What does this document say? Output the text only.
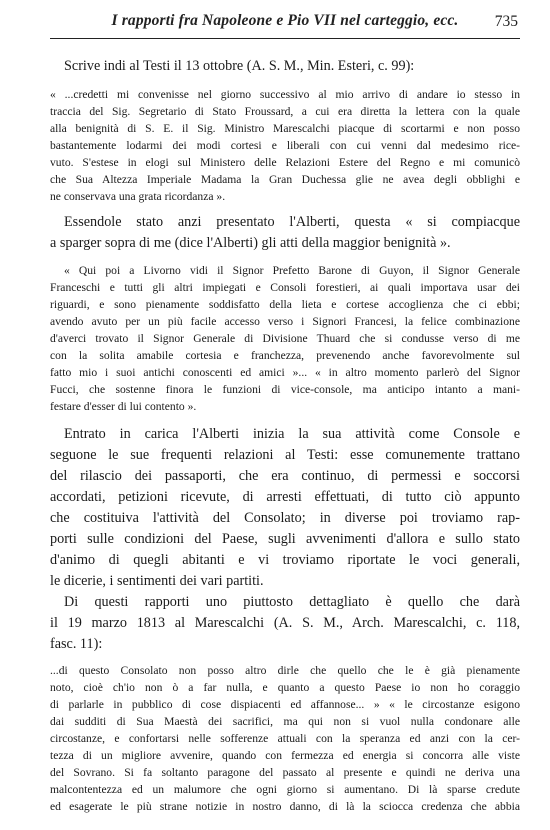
I rapporti fra Napoleone e Pio VII nel carteggio, ecc. 735
Scrive indi al Testi il 13 ottobre (A. S. M., Min. Esteri, c. 99):
« ...credetti mi convenisse nel giorno successivo al mio arrivo di andare io stesso in
traccia del Sig. Segretario di Stato Froussard, a cui era diretta la lettera con la quale
alla benignità di S. E. il Sig. Ministro Marescalchi piacque di scortarmi e non posso
bastantemente lodarmi dei modi cortesi e liberali con cui venni dal medesimo rice-
vuto. S'estese in elogi sul Ministero delle Relazioni Estere del Regno e mi comunicò
che Sua Altezza Imperiale Madama la Gran Duchessa glie ne avea degli obblighi e
ne conservava una grata ricordanza ».
Essendole stato anzi presentato l'Alberti, questa « si compiacque
a sparger sopra di me (dice l'Alberti) gli atti della maggior benignità ».
« Qui poi a Livorno vidi il Signor Prefetto Barone di Guyon, il Signor Generale
Franceschi e tutti gli altri impiegati e Consoli forestieri, ai quali importava usar dei
riguardi, e sono pienamente soddisfatto della lieta e cortese accoglienza che ci ebbi;
avendo avuto per un più facile accesso verso i Signori Francesi, la felice combinazione
d'averci trovato il Signor Generale di Divisione Thuard che si condusse verso di me
con la solita amabile cortesia e franchezza, prevenendo anche favorevolmente sul
fatto mio i suoi antichi conoscenti ed amici »... « in altro momento parlerò del Signor
Fucci, che sostenne finora le funzioni di vice-console, ma anticipo intanto a mani-
festare d'esser di lui contento ».
Entrato in carica l'Alberti inizia la sua attività come Console e
seguone le sue frequenti relazioni al Testi: esse comunemente trattano
del rilascio dei passaporti, che era continuo, di permessi e soccorsi
accordati, petizioni ricevute, di arresti effettuati, di tutto ciò appunto
che costituiva l'attività del Consolato; in diverse poi troviamo rap-
porti sulle condizioni del Paese, sugli avvenimenti d'allora e sullo stato
d'animo di quegli abitanti e vi troviamo riportate le voci generali,
le dicerie, i sentimenti dei vari partiti.
Di questi rapporti uno piuttosto dettagliato è quello che darà
il 19 marzo 1813 al Marescalchi (A. S. M., Arch. Marescalchi, c. 118,
fasc. 11):
...di questo Consolato non posso altro dirle che quello che le è già pienamente
noto, cioè ch'io non ò a far nulla, e quanto a questo Paese io non ho coraggio
di parlarle in pubblico di cose dispiacenti ed affannose... » « le circostanze esigono
dai sudditi di Sua Maestà dei sacrifici, ma qui non si vuol nulla condonare alle
circostanze, e confortarsi nelle sofferenze attuali con la speranza ed anzi con la cer-
tezza di un migliore avvenire, quando con fermezza ed energia si concorra alle viste
del Sovrano. Si fa soltanto paragone del passato al presente e quindi ne deriva una
malcontentezza ed un malumore che ogni giorno si aumentano. Di là sparse credute
ed esagerate le più strane notizie in nostro danno, di là la sciocca credenza che abbia
